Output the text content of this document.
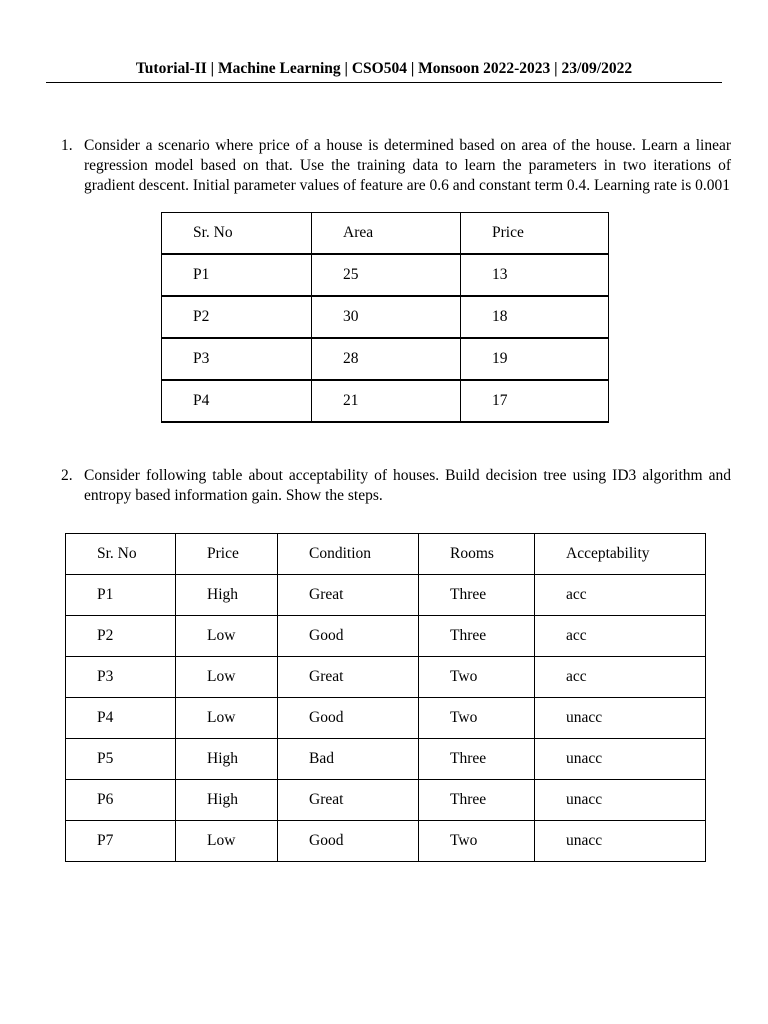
Tutorial-II | Machine Learning | CSO504 | Monsoon 2022-2023 | 23/09/2022
1. Consider a scenario where price of a house is determined based on area of the house. Learn a linear regression model based on that. Use the training data to learn the parameters in two iterations of gradient descent. Initial parameter values of feature are 0.6 and constant term 0.4. Learning rate is 0.001
Sr. No	Area	Price
P1	25	13
P2	30	18
P3	28	19
P4	21	17
2. Consider following table about acceptability of houses. Build decision tree using ID3 algorithm and entropy based information gain. Show the steps.
Sr. No	Price	Condition	Rooms	Acceptability
P1	High	Great	Three	acc
P2	Low	Good	Three	acc
P3	Low	Great	Two	acc
P4	Low	Good	Two	unacc
P5	High	Bad	Three	unacc
P6	High	Great	Three	unacc
P7	Low	Good	Two	unacc
